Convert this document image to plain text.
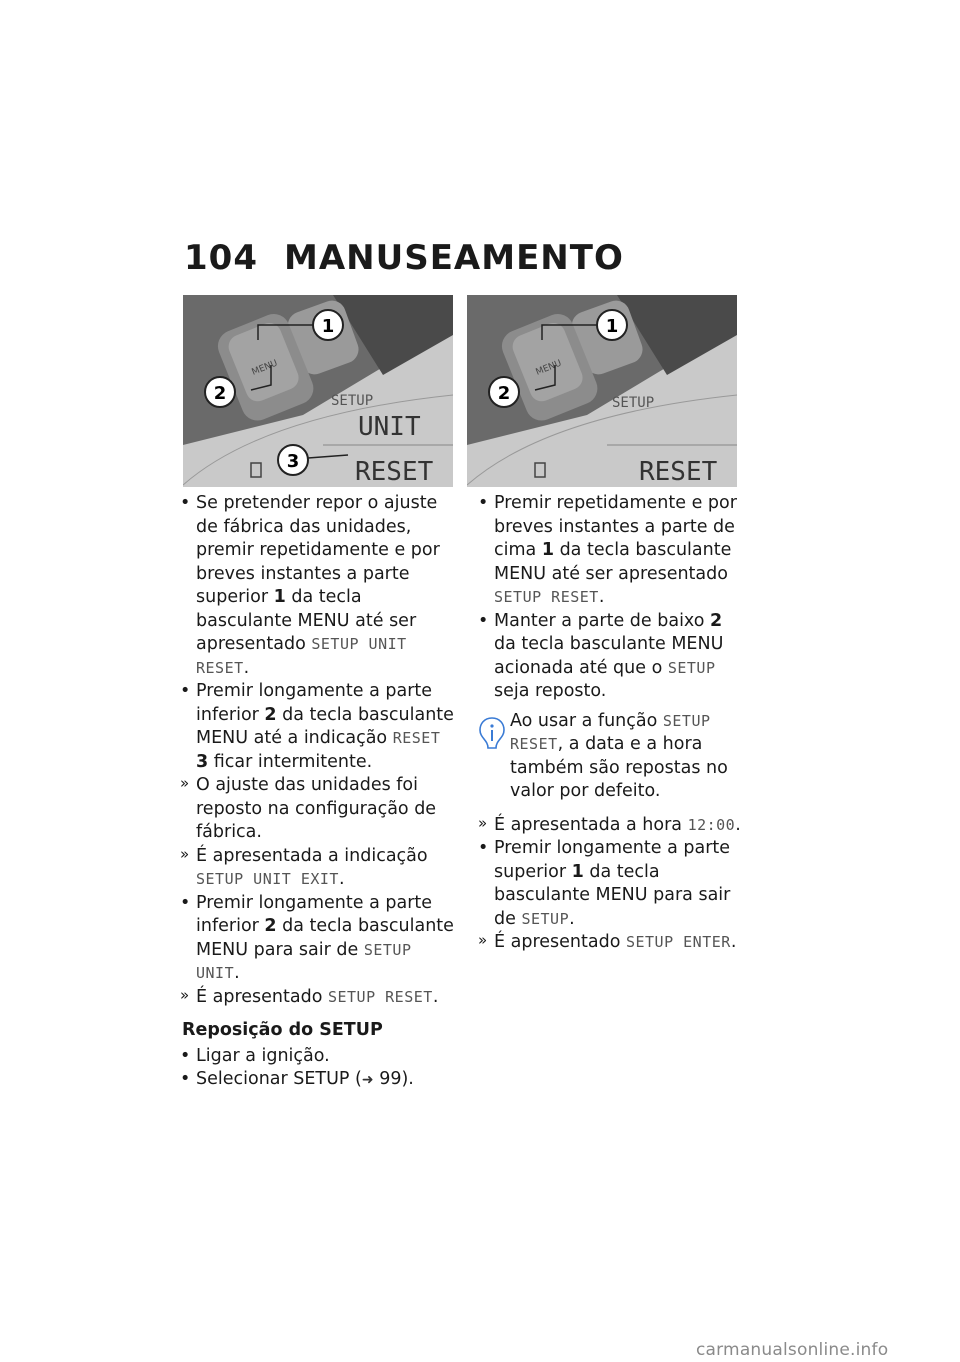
104 MANUSEAMENTO
MENU
1
2
3
SETUP
UNIT
RESET
MENU
1
2	SETUP
RESET

• Se pretender repor o ajuste de fábrica das unidades, premir repetidamente e por breves instantes a parte superior 1 da tecla basculante MENU até ser apresentado SETUP UNIT RESET.

• Premir longamente a parte inferior 2 da tecla basculante MENU até a indicação RESET 3 ficar intermitente.

» O ajuste das unidades foi reposto na configuração de fábrica.

» É apresentada a indicação SETUP UNIT EXIT.

• Premir longamente a parte inferior 2 da tecla basculante MENU para sair de SETUP UNIT.

» É apresentado SETUP RESET.

Reposição do SETUP

• Ligar a ignição.

• Selecionar SETUP (➜ 99).

• Premir repetidamente e por breves instantes a parte de cima 1 da tecla basculante MENU até ser apresentado SETUP RESET.

• Manter a parte de baixo 2 da tecla basculante MENU acionada até que o SETUP seja reposto.

Ao usar a função SETUP RESET, a data e a hora também são repostas no valor por defeito.

» É apresentada a hora 12:00.

• Premir longamente a parte superior 1 da tecla basculante MENU para sair de SETUP.

» É apresentado SETUP ENTER.

carmanualsonline.info
